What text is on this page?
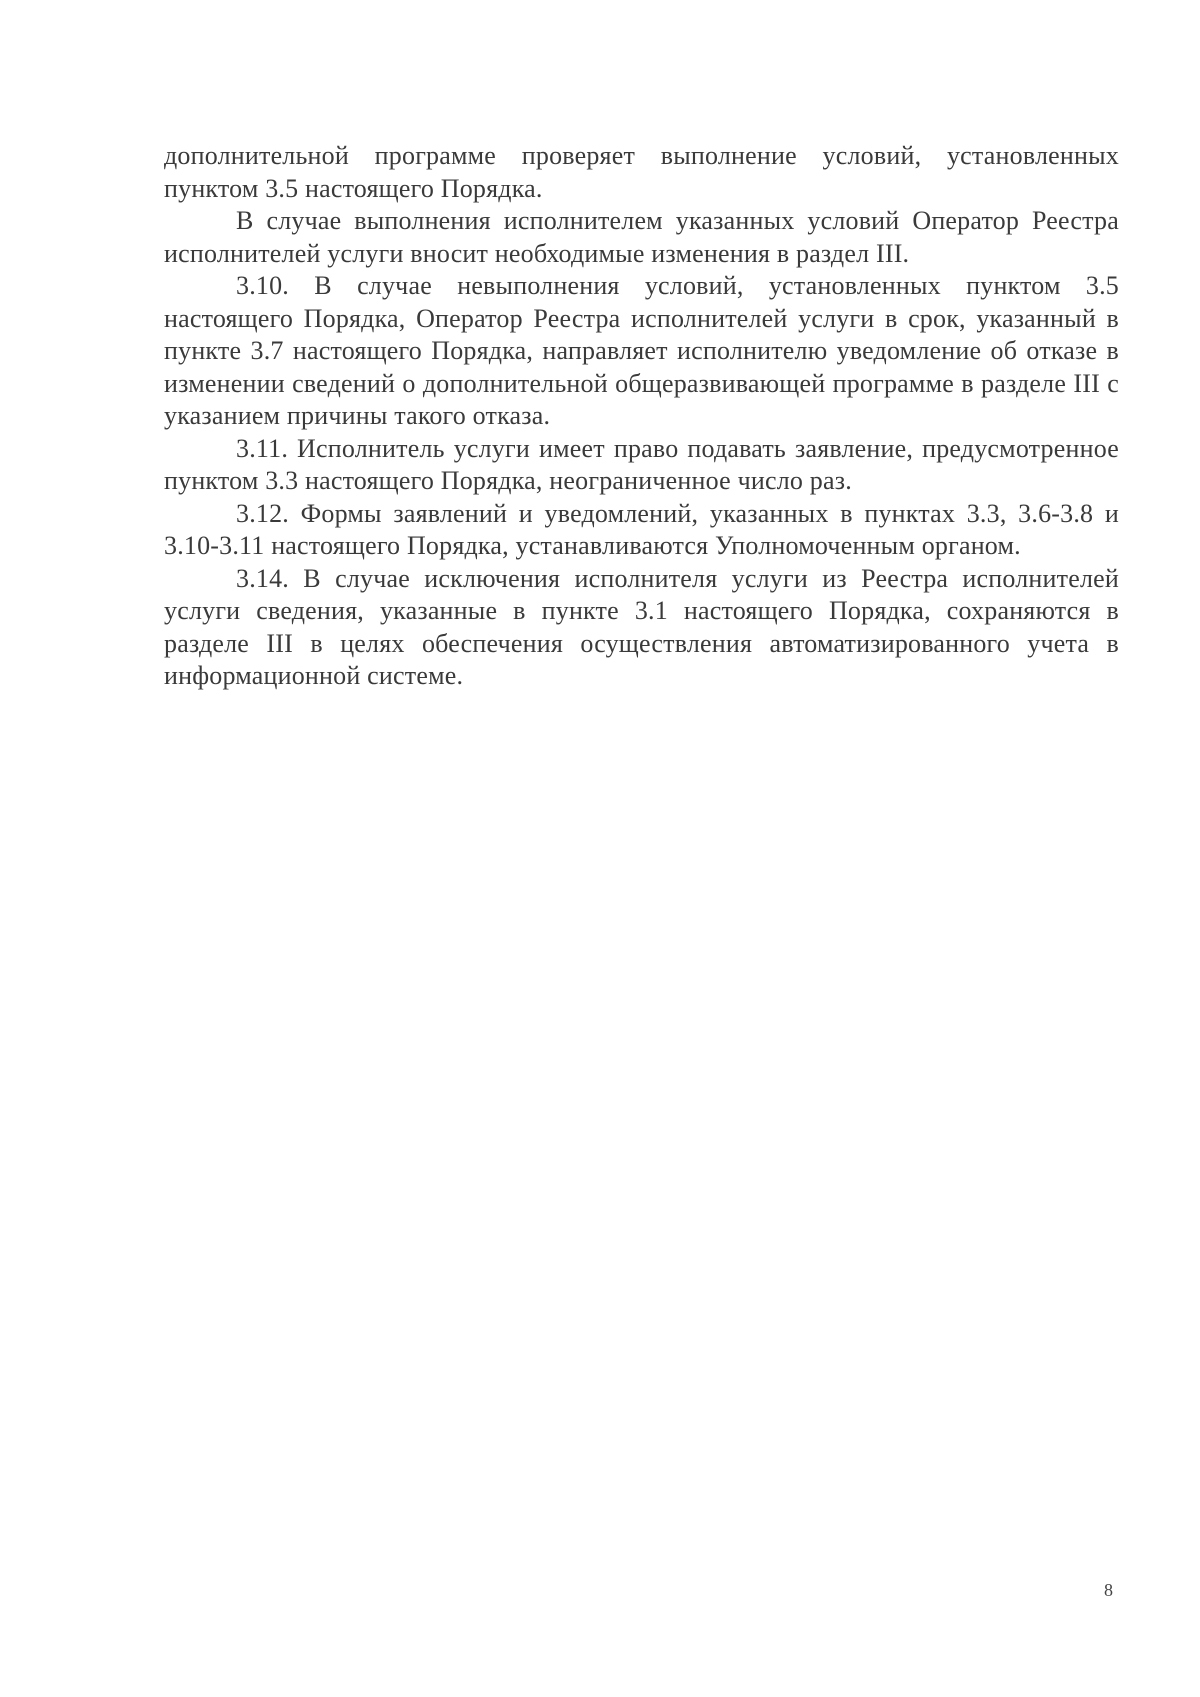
дополнительной программе проверяет выполнение условий, установленных пунктом 3.5 настоящего Порядка.

В случае выполнения исполнителем указанных условий Оператор Реестра исполнителей услуги вносит необходимые изменения в раздел III.

3.10. В случае невыполнения условий, установленных пунктом 3.5 настоящего Порядка, Оператор Реестра исполнителей услуги в срок, указанный в пункте 3.7 настоящего Порядка, направляет исполнителю уведомление об отказе в изменении сведений о дополнительной общеразвивающей программе в разделе III с указанием причины такого отказа.

3.11. Исполнитель услуги имеет право подавать заявление, предусмотренное пунктом 3.3 настоящего Порядка, неограниченное число раз.

3.12. Формы заявлений и уведомлений, указанных в пунктах 3.3, 3.6-3.8 и 3.10-3.11 настоящего Порядка, устанавливаются Уполномоченным органом.

3.14. В случае исключения исполнителя услуги из Реестра исполнителей услуги сведения, указанные в пункте 3.1 настоящего Порядка, сохраняются в разделе III в целях обеспечения осуществления автоматизированного учета в информационной системе.

8
